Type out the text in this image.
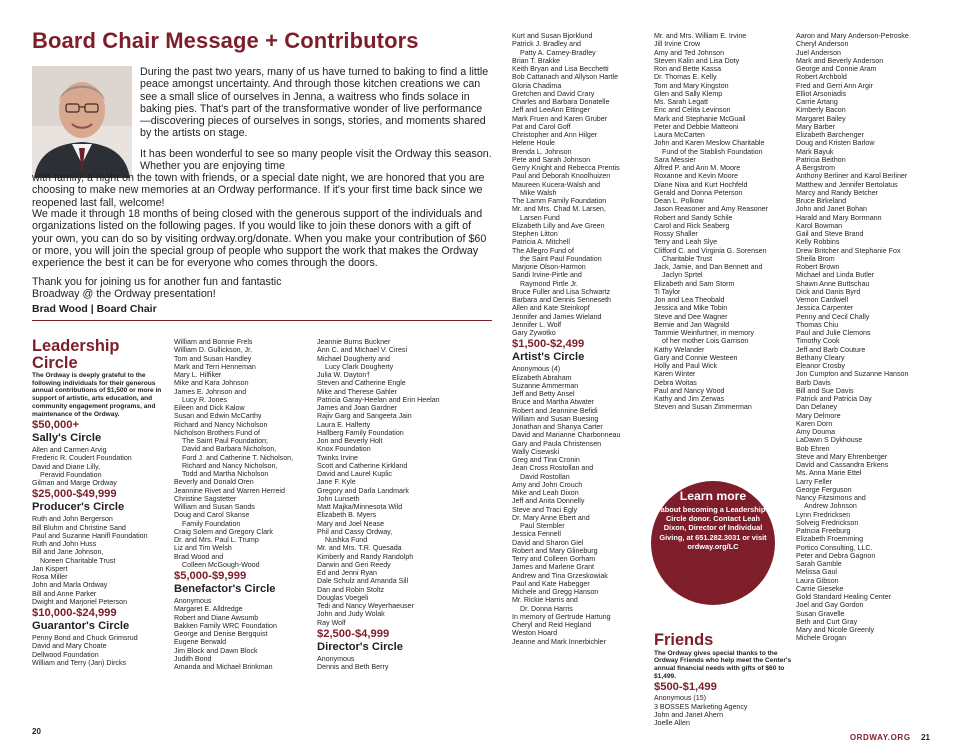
Board Chair Message + Contributors

During the past two years, many of us have turned to baking to find a little peace amongst uncertainty. And through those kitchen creations we can see a small slice of ourselves in Jenna, a waitress who finds solace in baking pies. That's part of the transformative wonder of live performance—discovering pieces of ourselves in songs, stories, and moments shared by the artists on stage.

It has been wonderful to see so many people visit the Ordway this season. Whether you are enjoying time

with family, a night on the town with friends, or a special date night, we are honored that you are choosing to make new memories at an Ordway performance. If it's your first time back since we reopened last fall, welcome!

We made it through 18 months of being closed with the generous support of the individuals and organizations listed on the following pages. If you would like to join these donors with a gift of your own, you can do so by visiting ordway.org/donate. When you make your contribution of $60 or more, you will join the special group of people who support the work that makes the Ordway experience the best it can be for everyone who comes through the doors.

Thank you for joining us for another fun and fantastic Broadway @ the Ordway presentation!

Brad Wood | Board Chair
Leadership
Circle
The Ordway is deeply grateful to the following individuals for their generous annual contributions of $1,500 or more in support of artistic, arts education, and community engagement programs, and maintenance of the Ordway.
$50,000+
Sally's Circle
Allen and Carmen Arvig
Frederic R. Coudert Foundation
David and Diane Lilly,
Peravid Foundation
Gilman and Marge Ordway
$25,000-$49,999
Producer's Circle
Ruth and John Bergerson
Bill Bluhm and Christine Sand
Paul and Suzanne Hanifl Foundation
Ruth and John Huss
Bill and Jane Johnson,
Noreen Charitable Trust
Jan Kispert
Rosa Miller
John and Marla Ordway
Bill and Anne Parker
Dwight and Marjoriel Peterson
$10,000-$24,999
Guarantor's Circle
Penny Bond and Chuck Grimsrud
David and Mary Choate
Dellwood Foundation
William and Terry (Jan) Dircks
William and Bonnie Frels
William D. Gullickson, Jr.
Tom and Susan Handley
Mark and Terri Henneman
Mary L. Hilfiker
Mike and Kara Johnson
James E. Johnson and
Lucy R. Jones
Eileen and Dick Kalow
Susan and Edwin McCarthy
Richard and Nancy Nicholson
Nicholson Brothers Fund of
The Saint Paul Foundation;
David and Barbara Nicholson,
Ford J. and Catherine T. Nicholson,
Richard and Nancy Nicholson,
Todd and Martha Nicholson
Beverly and Donald Oren
Jeannine Rivet and Warren Herreid
Christine Sagstetter
William and Susan Sands
Doug and Carol Skanse
Family Foundation
Craig Solem and Gregory Clark
Dr. and Mrs. Paul L. Trump
Liz and Tim Welsh
Brad Wood and
Colleen McGough-Wood
$5,000-$9,999
Benefactor's Circle
Anonymous
Margaret E. Alldredge
Robert and Diane Awsumb
Bakken Family WRC Foundation
George and Denise Bergquist
Eugene Berwald
Jim Block and Dawn Block
Judith Bond
Amanda and Michael Brinkman
Jeannie Burns Buckner
Ann C. and Michael V. Ciresi
Michael Dougherty and
Lucy Clark Dougherty
Julia W. Dayton†
Steven and Catherine Engle
Mike and Therese Gahler
Patricia Garay-Heelan and Erin Heelan
James and Joan Gardner
Rajiv Garg and Sangeeta Jain
Laura E. Halferty
Hallberg Family Foundation
Jon and Beverly Holt
Knox Foundation
Twinks Irvine
Scott and Catherine Kirkland
David and Laurel Kuplic
Jane F. Kyle
Gregory and Darla Landmark
John Lunseth
Matt Majka/Minnesota Wild
Elizabeth B. Myers
Mary and Joel Nease
Phil and Cassy Ordway,
Nushka Fund
Mr. and Mrs. T.R. Quesada
Kimberly and Randy Randolph
Darwin and Geri Reedy
Ed and Jenni Ryan
Dale Schulz and Amanda Sill
Dan and Robin Stoltz
Douglas Voegeli
Tedi and Nancy Weyerhaeuser
John and Judy Wolak
Ray Wolf
$2,500-$4,999
Director's Circle
Anonymous
Dennis and Beth Berry
Kurt and Susan Bjorklund
Patrick J. Bradley and
Patty A. Carney-Bradley
Brian T. Brakke
Keith Bryan and Lisa Becchetti
Bob Cattanach and Allyson Hartle
Gloria Chadima
Gretchen and David Crary
Charles and Barbara Donatelle
Jeff and LeeAnn Ettinger
Mark Fruen and Karen Gruber
Pat and Carol Goff
Christopher and Ann Hilger
Helene Houle
Brenda L. Johnson
Pete and Sarah Johnson
Gerry Knight and Rebecca Prentis
Paul and Deborah Knoolhuizen
Maureen Kucera-Walsh and
Mike Walsh
The Lamm Family Foundation
Mr. and Mrs. Chad M. Larsen,
Larsen Fund
Elizabeth Lilly and Ave Green
Stephen Litton
Patricia A. Mitchell
The Allegro Fund of
the Saint Paul Foundation
Marjorie Olson-Harmon
Sandi Irvine-Pirtle and
Raymond Pirtle Jr.
Bruce Fuller and Lisa Schwartz
Barbara and Dennis Senneseth
Allen and Kate Steinkopf
Jennifer and James Wieland
Jennifer L. Wolf
Gary Zywotko
$1,500-$2,499
Artist's Circle
Anonymous (4)
Elizabeth Abraham
Suzanne Ammerman
Jeff and Betty Ansel
Bruce and Martha Atwater
Robert and Jeannine Befidi
William and Susan Buesing
Jonathan and Shanya Carter
David and Marianne Charbonneau
Gary and Paula Christensen
Wally Cisewski
Greg and Tina Cronin
Jean Cross Rostollan and
David Rostollan
Amy and John Crouch
Mike and Leah Dixon
Jeff and Anita Donnelly
Steve and Traci Egly
Dr. Mary Anne Ebert and
Paul Stembler
Jessica Fennell
David and Sharon Giel
Robert and Mary Glineburg
Terry and Colleen Gorham
James and Marlene Grant
Andrew and Tina Grzeskowiak
Paul and Kate Habegger
Michele and Gregg Hanson
Mr. Rickie Harris and
Dr. Donna Harris
In memory of Gertrude Hartung
Cheryl and Reid Hegland
Weston Hoard
Jeanne and Mark Innerbichler
Mr. and Mrs. William E. Irvine
Jill Irvine Crow
Amy and Ted Johnson
Steven Kalin and Lisa Doty
Ron and Bette Kassa
Dr. Thomas E. Kelly
Tom and Mary Kingston
Glen and Sally Klemp
Ms. Sarah Legatt
Eric and Celita Levinson
Mark and Stephanie McGuail
Peter and Debbie Matteoni
Laura McCarten
John and Karen Meslow Charitable
Fund of the Stablish Foundation
Sara Messier
Alfred P. and Ann M. Moore
Roxanne and Kevin Moore
Diane Nixa and Kurt Hochfeld
Gerald and Donna Peterson
Dean L. Polkow
Jason Reasoner and Amy Reasoner
Robert and Sandy Schile
Carol and Rick Seaberg
Rossy Shaller
Terry and Leah Slye
Clifford C. and Virginia G. Sorensen
Charitable Trust
Jack, Jamie, and Dan Bennett and
Jaclyn Sprtel
Elizabeth and Sam Storm
Ti Taylor
Jon and Lea Theobald
Jessica and Mike Tobin
Steve and Dee Wagner
Bernie and Jan Wagnild
Tammie Weinfurtner, in memory
of her mother Lois Garrison
Kathy Welander
Gary and Connie Westeen
Holly and Paul Wick
Karen Winter
Debra Woitas
Paul and Nancy Wood
Kathy and Jim Zerwas
Steven and Susan Zimmerman
Learn more
about becoming a Leadership Circle donor. Contact Leah Dixon, Director of Individual Giving, at 651.282.3031 or visit ordway.org/LC
Friends
The Ordway gives special thanks to the Ordway Friends who help meet the Center's annual financial needs with gifts of $60 to $1,499.
$500-$1,499
Anonymous (15)
3 BOSSES Marketing Agency
John and Janet Ahern
Joelle Allen
Aaron and Mary Anderson-Petroske
Cheryl Anderson
Juel Anderson
Mark and Beverly Anderson
George and Connie Aram
Robert Archbold
Fred and Gerri Ann Argir
Elliot Arsoniadis
Carrie Artang
Kimberly Bacon
Margaret Bailey
Mary Barber
Elizabeth Barchenger
Doug and Kristen Barlow
Mark Bayuk
Patricia Beithon
A Bergstrom
Anthony Berliner and Karol Berliner
Matthew and Jennifer Bertolatus
Marcy and Randy Betcher
Bruce Birkeland
John and Janet Bohan
Harald and Mary Borrmann
Karol Bowman
Gail and Steve Brand
Kelly Robbins
Drew Britcher and Stephanie Fox
Sheila Brom
Robert Brown
Michael and Linda Butler
Shawn Anne Buttschau
Dick and Danis Byrd
Vernon Cardwell
Jessica Carpenter
Penny and Cecil Chally
Thomas Chiu
Paul and Julie Clemons
Timothy Cook
Jeff and Barb Couture
Bethany Cleary
Eleanor Crosby
Jon Cumpton and Suzanne Hanson
Barb Davis
Bill and Sue Davis
Patrick and Patricia Day
Dan Delaney
Mary Delmore
Karen Dorn
Amy Douma
LaDawn S Dykhouse
Bob Ehren
Steve and Mary Ehrenberger
David and Cassandra Erkens
Ms. Anna Marie Ettel
Larry Feller
George Ferguson
Nancy Fitzsimons and
Andrew Johnson
Lynn Fredricksen
Solveig Fredrickson
Patricia Freeburg
Elizabeth Froemming
Portico Consulting, LLC.
Peter and Debra Gagnon
Sarah Gamble
Melissa Gaul
Laura Gibson
Carrie Gieseke
Gold Standard Healing Center
Joel and Gay Gordon
Susan Gravelle
Beth and Curt Gray
Mary and Nicole Greenly
Michele Grogan
20
ORDWAY.ORG 21
